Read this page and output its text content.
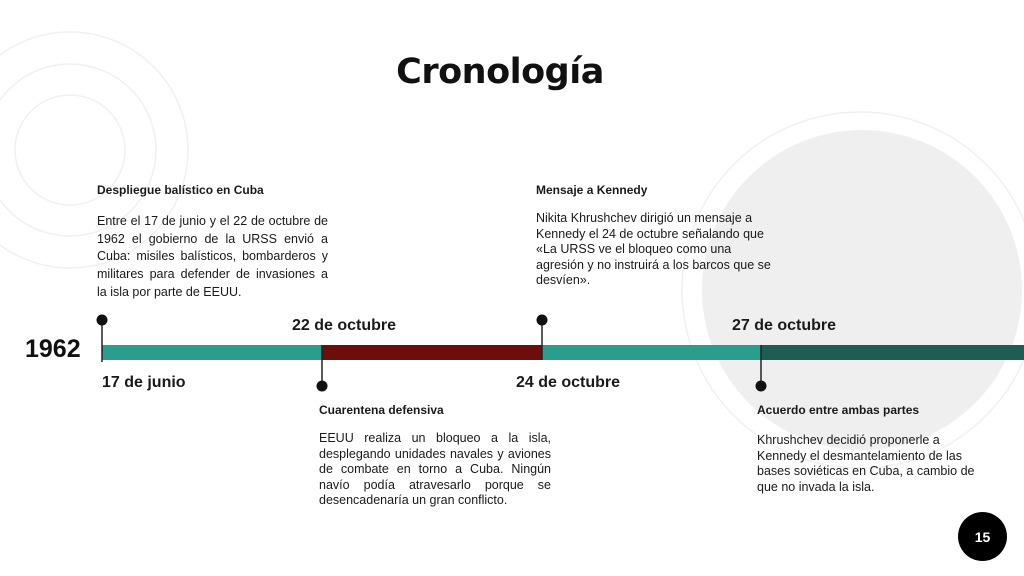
Cronología
1962
17 de junio
22 de octubre
24 de octubre
27 de octubre
Despliegue balístico en Cuba
Entre el 17 de junio y el 22 de octubre de 1962 el gobierno de la URSS envió a Cuba: misiles balísticos, bombarderos y militares para defender de invasiones a la isla por parte de EEUU.
Mensaje a Kennedy
Nikita Khrushchev dirigió un mensaje a Kennedy el 24 de octubre señalando que «La URSS ve el bloqueo como una agresión y no instruirá a los barcos que se desvíen».
Cuarentena defensiva
EEUU realiza un bloqueo a la isla, desplegando unidades navales y aviones de combate en torno a Cuba. Ningún navío podía atravesarlo porque se desencadenaría un gran conflicto.
Acuerdo entre ambas partes
Khrushchev decidió proponerle a Kennedy el desmantelamiento de las bases soviéticas en Cuba, a cambio de que no invada la isla.
15
